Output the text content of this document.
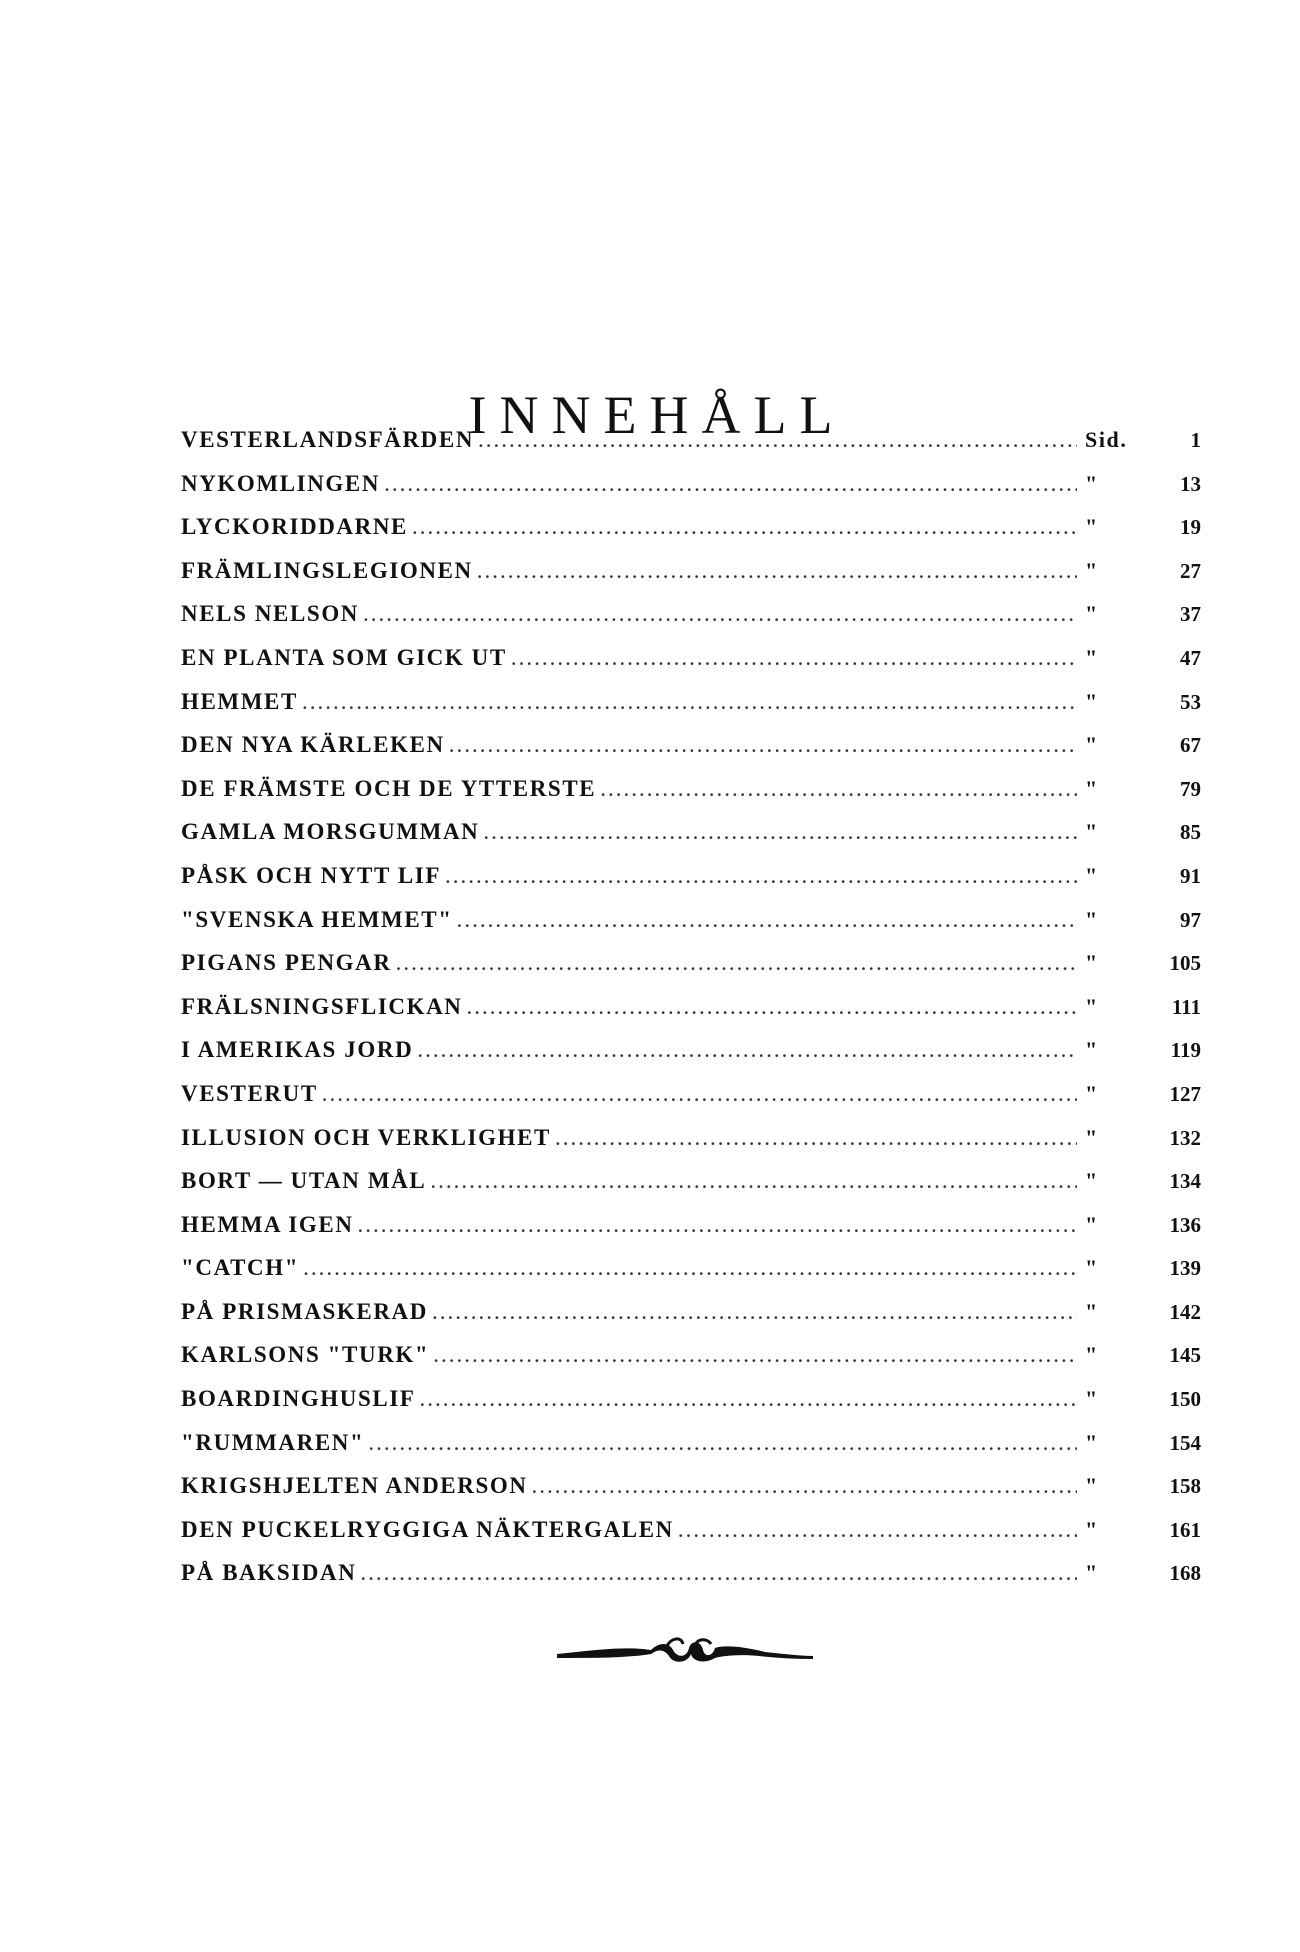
INNEHÅLL
VESTERLANDSFÄRDEN .....	Sid.	1
NYKOMLINGEN .....	"	13
LYCKORIDDARNE .....	"	19
FRÄMLINGSLEGIONEN .....	"	27
NELS NELSON .....	"	37
EN PLANTA SOM GICK UT .....	"	47
HEMMET .....	"	53
DEN NYA KÄRLEKEN .....	"	67
DE FRÄMSTE OCH DE YTTERSTE .....	"	79
GAMLA MORSGUMMAN .....	"	85
PÅSK OCH NYTT LIF .....	"	91
"SVENSKA HEMMET" .....	"	97
PIGANS PENGAR .....	"	105
FRÄLSNINGSFLICKAN .....	"	111
I AMERIKAS JORD .....	"	119
VESTERUT .....	"	127
ILLUSION OCH VERKLIGHET .....	"	132
BORT — UTAN MÅL .....	"	134
HEMMA IGEN .....	"	136
"CATCH" .....	"	139
PÅ PRISMASKERAD .....	"	142
KARLSONS "TURK" .....	"	145
BOARDINGHUSLIF .....	"	150
"RUMMAREN" .....	"	154
KRIGSHJELTEN ANDERSON .....	"	158
DEN PUCKELRYGGIGA NÄKTERGALEN .....	"	161
PÅ BAKSIDAN .....	"	168
